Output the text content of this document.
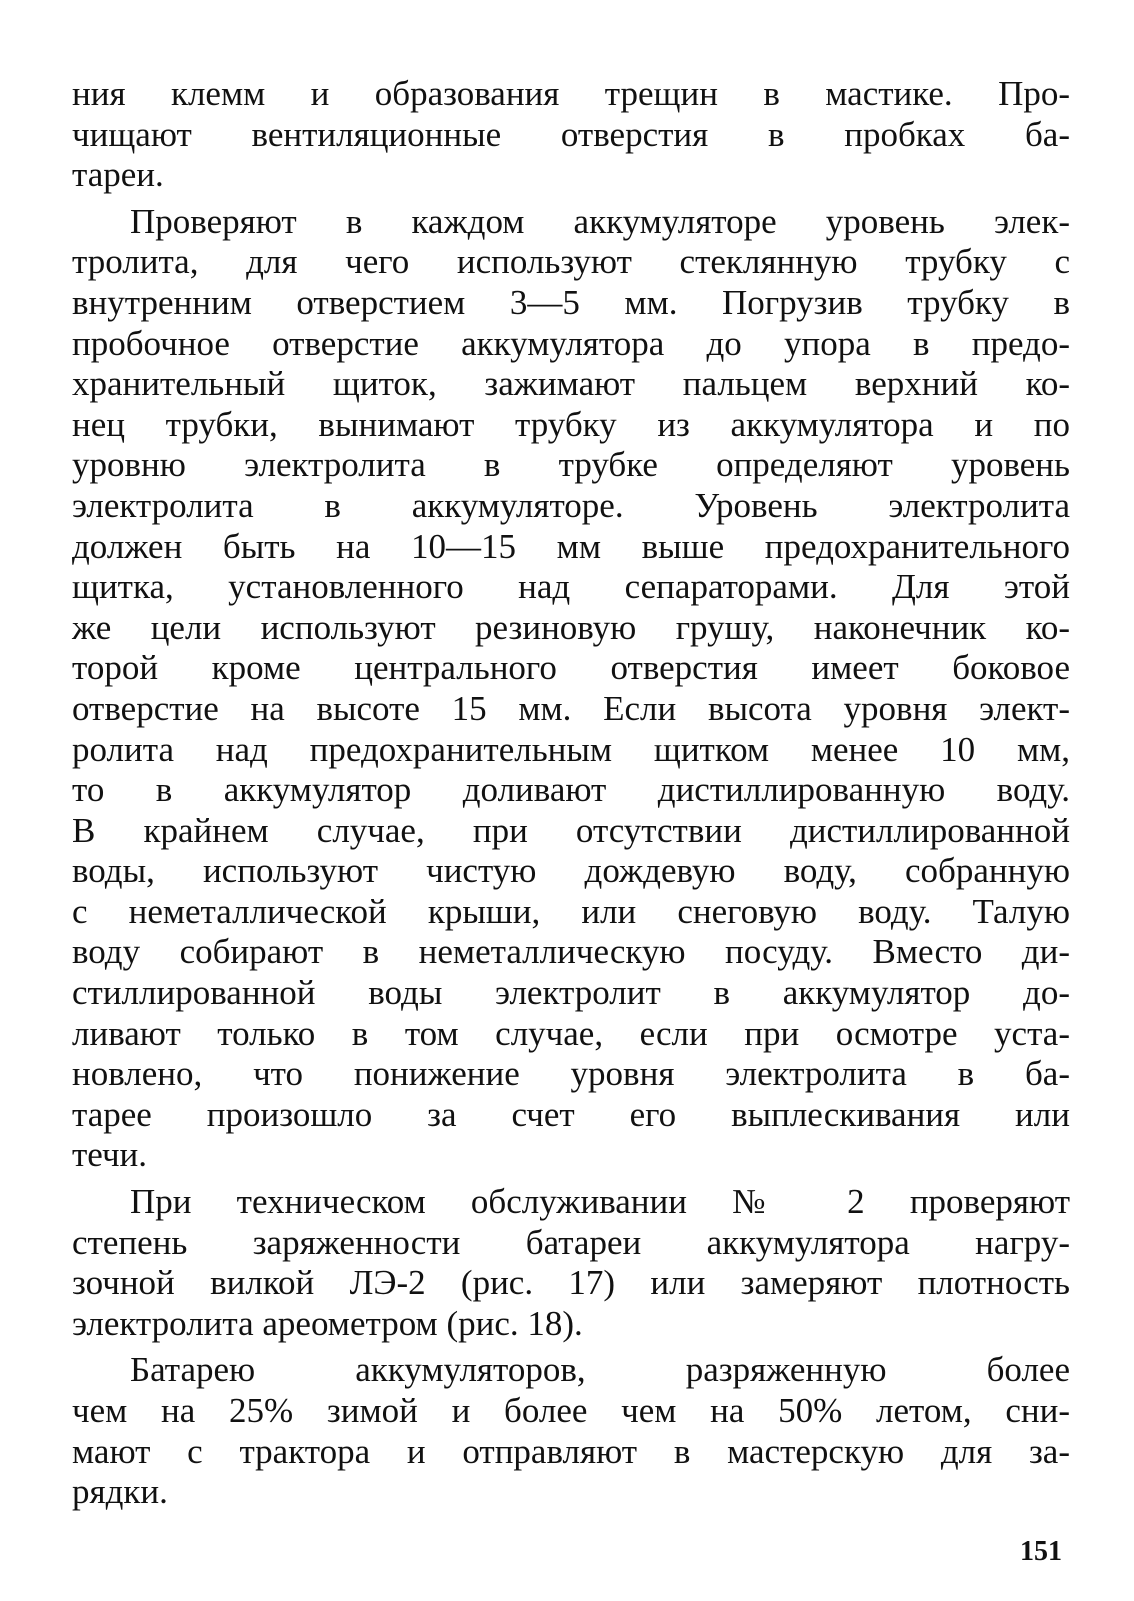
ния клемм и образования трещин в мастике. Про-
чищают вентиляционные отверстия в пробках ба-
тареи.
Проверяют в каждом аккумуляторе уровень элек-
тролита, для чего используют стеклянную трубку с
внутренним отверстием 3—5 мм. Погрузив трубку в
пробочное отверстие аккумулятора до упора в предо-
хранительный щиток, зажимают пальцем верхний ко-
нец трубки, вынимают трубку из аккумулятора и по
уровню электролита в трубке определяют уровень
электролита в аккумуляторе. Уровень электролита
должен быть на 10—15 мм выше предохранительного
щитка, установленного над сепараторами. Для этой
же цели используют резиновую грушу, наконечник ко-
торой кроме центрального отверстия имеет боковое
отверстие на высоте 15 мм. Если высота уровня элект-
ролита над предохранительным щитком менее 10 мм,
то в аккумулятор доливают дистиллированную воду.
В крайнем случае, при отсутствии дистиллированной
воды, используют чистую дождевую воду, собранную
с неметаллической крыши, или снеговую воду. Талую
воду собирают в неметаллическую посуду. Вместо ди-
стиллированной воды электролит в аккумулятор до-
ливают только в том случае, если при осмотре уста-
новлено, что понижение уровня электролита в ба-
тарее произошло за счет его выплескивания или
течи.
При техническом обслуживании № 2 проверяют
степень заряженности батареи аккумулятора нагру-
зочной вилкой ЛЭ-2 (рис. 17) или замеряют плотность
электролита ареометром (рис. 18).
Батарею аккумуляторов, разряженную более
чем на 25% зимой и более чем на 50% летом, сни-
мают с трактора и отправляют в мастерскую для за-
рядки.
151
